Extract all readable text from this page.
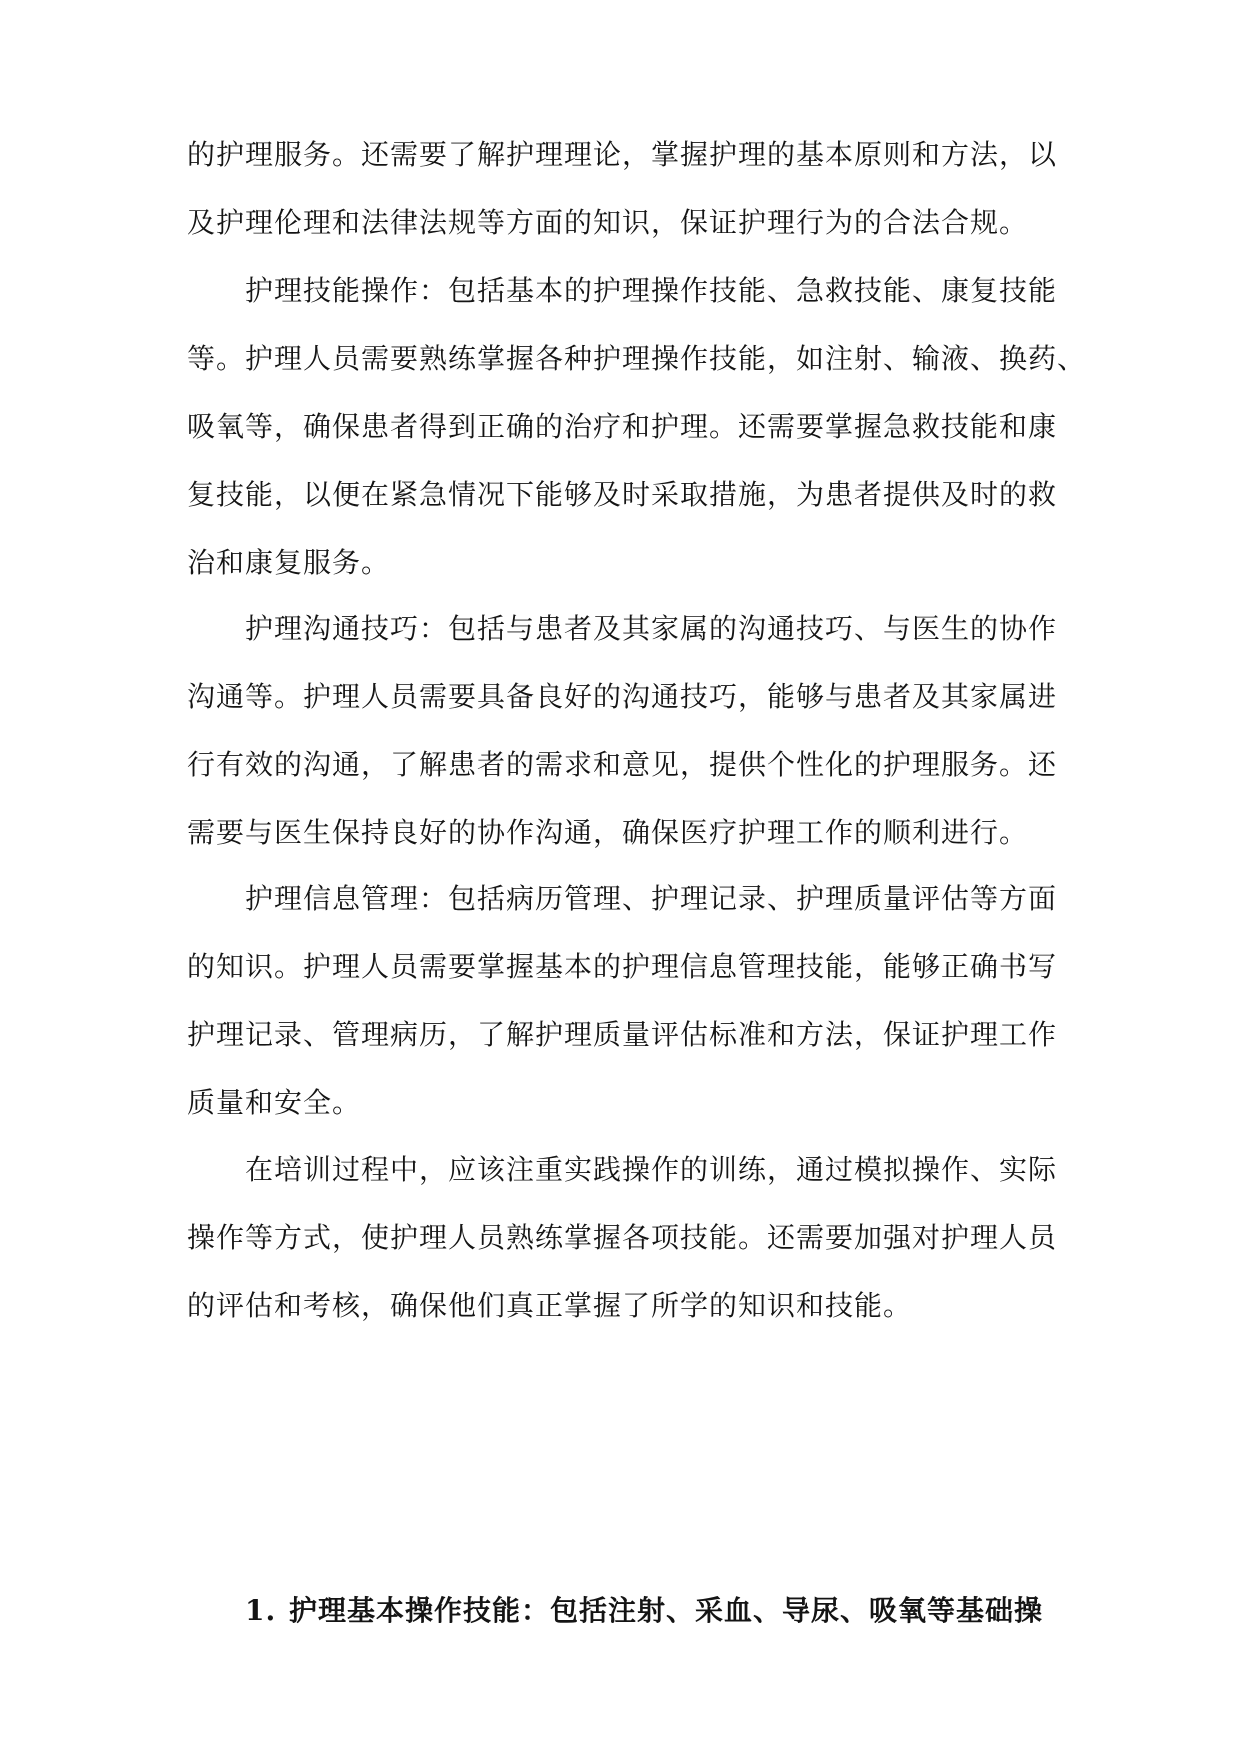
的护理服务。还需要了解护理理论，掌握护理的基本原则和方法，以
及护理伦理和法律法规等方面的知识，保证护理行为的合法合规。
护理技能操作：包括基本的护理操作技能、急救技能、康复技能
等。护理人员需要熟练掌握各种护理操作技能，如注射、输液、换药、
吸氧等，确保患者得到正确的治疗和护理。还需要掌握急救技能和康
复技能，以便在紧急情况下能够及时采取措施，为患者提供及时的救
治和康复服务。
护理沟通技巧：包括与患者及其家属的沟通技巧、与医生的协作
沟通等。护理人员需要具备良好的沟通技巧，能够与患者及其家属进
行有效的沟通，了解患者的需求和意见，提供个性化的护理服务。还
需要与医生保持良好的协作沟通，确保医疗护理工作的顺利进行。
护理信息管理：包括病历管理、护理记录、护理质量评估等方面
的知识。护理人员需要掌握基本的护理信息管理技能，能够正确书写
护理记录、管理病历，了解护理质量评估标准和方法，保证护理工作
质量和安全。
在培训过程中，应该注重实践操作的训练，通过模拟操作、实际
操作等方式，使护理人员熟练掌握各项技能。还需要加强对护理人员
的评估和考核，确保他们真正掌握了所学的知识和技能。
1. 护理基本操作技能：包括注射、采血、导尿、吸氧等基础操
